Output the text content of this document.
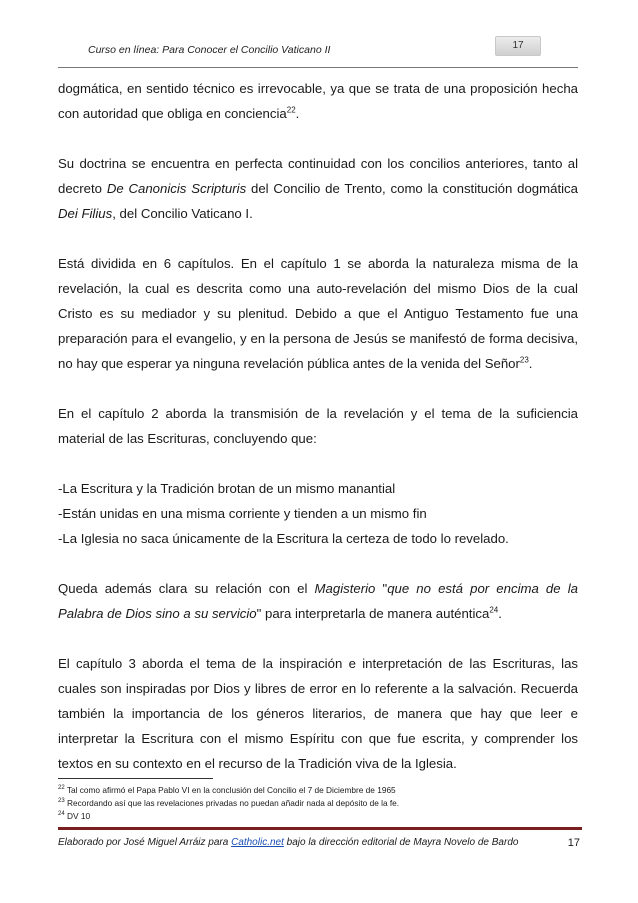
Curso en línea: Para Conocer el Concilio Vaticano II	17

dogmática, en sentido técnico es irrevocable, ya que se trata de una proposición hecha con autoridad que obliga en conciencia$^{22}$.

Su doctrina se encuentra en perfecta continuidad con los concilios anteriores, tanto al decreto De Canonicis Scripturis del Concilio de Trento, como la constitución dogmática Dei Filius, del Concilio Vaticano I.

Está dividida en 6 capítulos. En el capítulo 1 se aborda la naturaleza misma de la revelación, la cual es descrita como una auto-revelación del mismo Dios de la cual Cristo es su mediador y su plenitud. Debido a que el Antiguo Testamento fue una preparación para el evangelio, y en la persona de Jesús se manifestó de forma decisiva, no hay que esperar ya ninguna revelación pública antes de la venida del Señor$^{23}$.

En el capítulo 2 aborda la transmisión de la revelación y el tema de la suficiencia material de las Escrituras, concluyendo que:

-La Escritura y la Tradición brotan de un mismo manantial

-Están unidas en una misma corriente y tienden a un mismo fin

-La Iglesia no saca únicamente de la Escritura la certeza de todo lo revelado.

Queda además clara su relación con el Magisterio "que no está por encima de la Palabra de Dios sino a su servicio" para interpretarla de manera auténtica$^{24}$.

El capítulo 3 aborda el tema de la inspiración e interpretación de las Escrituras, las cuales son inspiradas por Dios y libres de error en lo referente a la salvación. Recuerda también la importancia de los géneros literarios, de manera que hay que leer e interpretar la Escritura con el mismo Espíritu con que fue escrita, y comprender los textos en su contexto en el recurso de la Tradición viva de la Iglesia.

$^{22}$ Tal como afirmó el Papa Pablo VI en la conclusión del Concilio el 7 de Diciembre de 1965
$^{23}$ Recordando así que las revelaciones privadas no puedan añadir nada al depósito de la fe.
$^{24}$ DV 10
Elaborado por José Miguel Arráiz para Catholic.net bajo la dirección editorial de Mayra Novelo de Bardo	17
